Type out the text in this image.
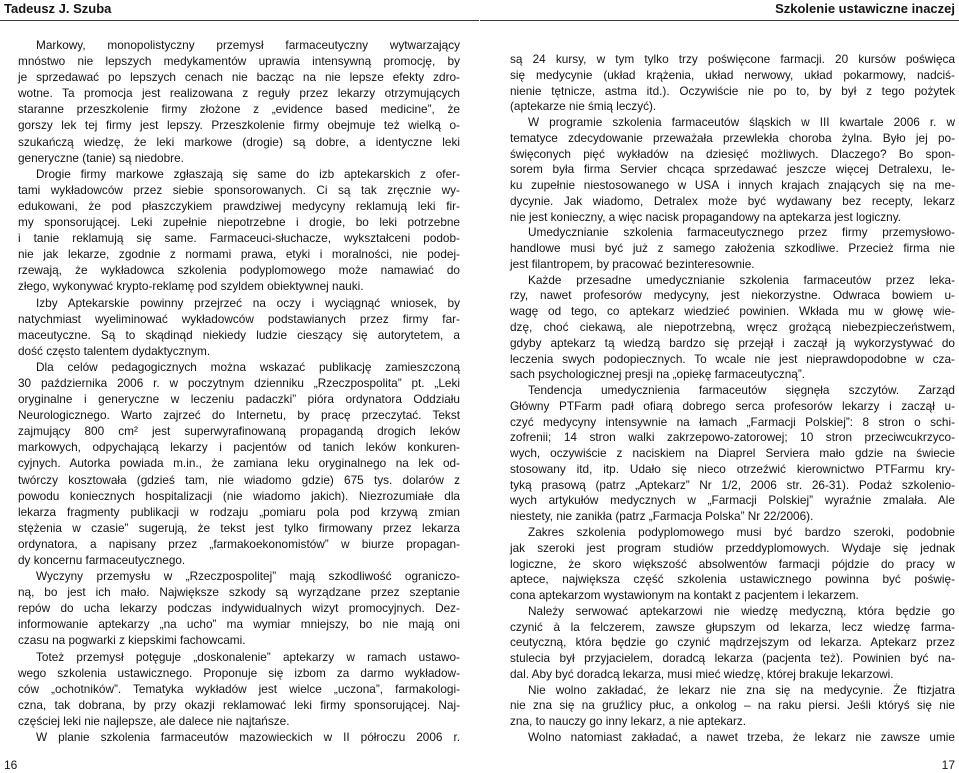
Tadeusz J. Szuba
Markowy, monopolistyczny przemysł farmaceutyczny wytwarzający
mnóstwo nie lepszych medykamentów uprawia intensywną promocję, by
je sprzedawać po lepszych cenach nie bacząc na nie lepsze efekty zdro-
wotne. Ta promocja jest realizowana z reguły przez lekarzy otrzymujących
staranne przeszkolenie firmy złożone z „evidence based medicine”, że
gorszy lek tej firmy jest lepszy. Przeszkolenie firmy obejmuje też wielką o-
szukańczą wiedzę, że leki markowe (drogie) są dobre, a identyczne leki
generyczne (tanie) są niedobre.
Drogie firmy markowe zgłaszają się same do izb aptekarskich z ofer-
tami wykładowców przez siebie sponsorowanych. Ci są tak zręcznie wy-
edukowani, że pod płaszczykiem prawdziwej medycyny reklamują leki fir-
my sponsorującej. Leki zupełnie niepotrzebne i drogie, bo leki potrzebne
i tanie reklamują się same. Farmaceuci-słuchacze, wykształceni podob-
nie jak lekarze, zgodnie z normami prawa, etyki i moralności, nie podej-
rzewają, że wykładowca szkolenia podyplomowego może namawiać do
złego, wykonywać krypto-reklamę pod szyldem obiektywnej nauki.
Izby Aptekarskie powinny przejrzeć na oczy i wyciągnąć wniosek, by
natychmiast wyeliminować wykładowców podstawianych przez firmy far-
maceutyczne. Są to skądinąd niekiedy ludzie cieszący się autorytetem, a
dość często talentem dydaktycznym.
Dla celów pedagogicznych można wskazać publikację zamieszczoną
30 października 2006 r. w poczytnym dzienniku „Rzeczpospolita” pt. „Leki
oryginalne i generyczne w leczeniu padaczki” pióra ordynatora Oddziału
Neurologicznego. Warto zajrzeć do Internetu, by pracę przeczytać. Tekst
zajmujący 800 cm² jest superwyrafinowaną propagandą drogich leków
markowych, odpychającą lekarzy i pacjentów od tanich leków konkuren-
cyjnych. Autorka powiada m.in., że zamiana leku oryginalnego na lek od-
twórczy kosztowała (gdzieś tam, nie wiadomo gdzie) 675 tys. dolarów z
powodu koniecznych hospitalizacji (nie wiadomo jakich). Niezrozumiałe dla
lekarza fragmenty publikacji w rodzaju „pomiaru pola pod krzywą zmian
stężenia w czasie” sugerują, że tekst jest tylko firmowany przez lekarza
ordynatora, a napisany przez „farmakoekonomistów” w biurze propagan-
dy koncernu farmaceutycznego.
Wyczyny przemysłu w „Rzeczpospolitej” mają szkodliwość ograniczo-
ną, bo jest ich mało. Największe szkody są wyrządzane przez szeptanie
repów do ucha lekarzy podczas indywidualnych wizyt promocyjnych. Dez-
informowanie aptekarzy „na ucho” ma wymiar mniejszy, bo nie mają oni
czasu na pogwarki z kiepskimi fachowcami.
Toteż przemysł potęguje „doskonalenie” aptekarzy w ramach ustawo-
wego szkolenia ustawicznego. Proponuje się izbom za darmo wykładow-
ców „ochotników”. Tematyka wykładów jest wielce „uczona”, farmakologi-
czna, tak dobrana, by przy okazji reklamować leki firmy sponsorującej. Naj-
częściej leki nie najlepsze, ale dalece nie najtańsze.
W planie szkolenia farmaceutów mazowieckich w II półroczu 2006 r.
16
Szkolenie ustawiczne inaczej
są 24 kursy, w tym tylko trzy poświęcone farmacji. 20 kursów poświęca
się medycynie (układ krążenia, układ nerwowy, układ pokarmowy, nadciś-
nienie tętnicze, astma itd.). Oczywiście nie po to, by był z tego pożytek
(aptekarze nie śmią leczyć).
W programie szkolenia farmaceutów śląskich w III kwartale 2006 r. w
tematyce zdecydowanie przeważała przewlekła choroba żylna. Było jej po-
święconych pięć wykładów na dziesięć możliwych. Dlaczego? Bo spon-
sorem była firma Servier chcąca sprzedawać jeszcze więcej Detralexu, le-
ku zupełnie niestosowanego w USA i innych krajach znających się na me-
dycynie. Jak wiadomo, Detralex może być wydawany bez recepty, lekarz
nie jest konieczny, a więc nacisk propagandowy na aptekarza jest logiczny.
Umedycznianie szkolenia farmaceutycznego przez firmy przemysłowo-
handlowe musi być już z samego założenia szkodliwe. Przecież firma nie
jest filantropem, by pracować bezinteresownie.
Każde przesadne umedycznianie szkolenia farmaceutów przez leka-
rzy, nawet profesorów medycyny, jest niekorzystne. Odwraca bowiem u-
wagę od tego, co aptekarz wiedzieć powinien. Wkłada mu w głowę wie-
dzę, choć ciekawą, ale niepotrzebną, wręcz grożącą niebezpieczeństwem,
gdyby aptekarz tą wiedzą bardzo się przejął i zaczął ją wykorzystywać do
leczenia swych podopiecznych. To wcale nie jest nieprawdopodobne w cza-
sach psychologicznej presji na „opiekę farmaceutyczną”.
Tendencja umedycznienia farmaceutów sięgnęła szczytów. Zarząd
Główny PTFarm padł ofiarą dobrego serca profesorów lekarzy i zaczął u-
czyć medycyny intensywnie na łamach „Farmacji Polskiej”: 8 stron o schi-
zofrenii; 14 stron walki zakrzepowo-zatorowej; 10 stron przeciwcukrzyco-
wych, oczywiście z naciskiem na Diaprel Serviera mało gdzie na świecie
stosowany itd, itp. Udało się nieco otrzeźwić kierownictwo PTFarmu kry-
tyką prasową (patrz „Aptekarz” Nr 1/2, 2006 str. 26-31). Podaż szkolenio-
wych artykułów medycznych w „Farmacji Polskiej” wyraźnie zmalała. Ale
niestety, nie zanikła (patrz „Farmacja Polska” Nr 22/2006).
Zakres szkolenia podyplomowego musi być bardzo szeroki, podobnie
jak szeroki jest program studiów przeddyplomowych. Wydaje się jednak
logiczne, że skoro większość absolwentów farmacji pójdzie do pracy w
aptece, największa część szkolenia ustawicznego powinna być poświę-
cona aptekarzom wystawionym na kontakt z pacjentem i lekarzem.
Należy serwować aptekarzowi nie wiedzę medyczną, która będzie go
czynić à la felczerem, zawsze głupszym od lekarza, lecz wiedzę farma-
ceutyczną, która będzie go czynić mądrzejszym od lekarza. Aptekarz przez
stulecia był przyjacielem, doradcą lekarza (pacjenta też). Powinien być na-
dal. Aby być doradcą lekarza, musi mieć wiedzę, której brakuje lekarzowi.
Nie wolno zakładać, że lekarz nie zna się na medycynie. Że ftizjatra
nie zna się na gruźlicy płuc, a onkolog – na raku piersi. Jeśli któryś się nie
zna, to nauczy go inny lekarz, a nie aptekarz.
Wolno natomiast zakładać, a nawet trzeba, że lekarz nie zawsze umie
17
